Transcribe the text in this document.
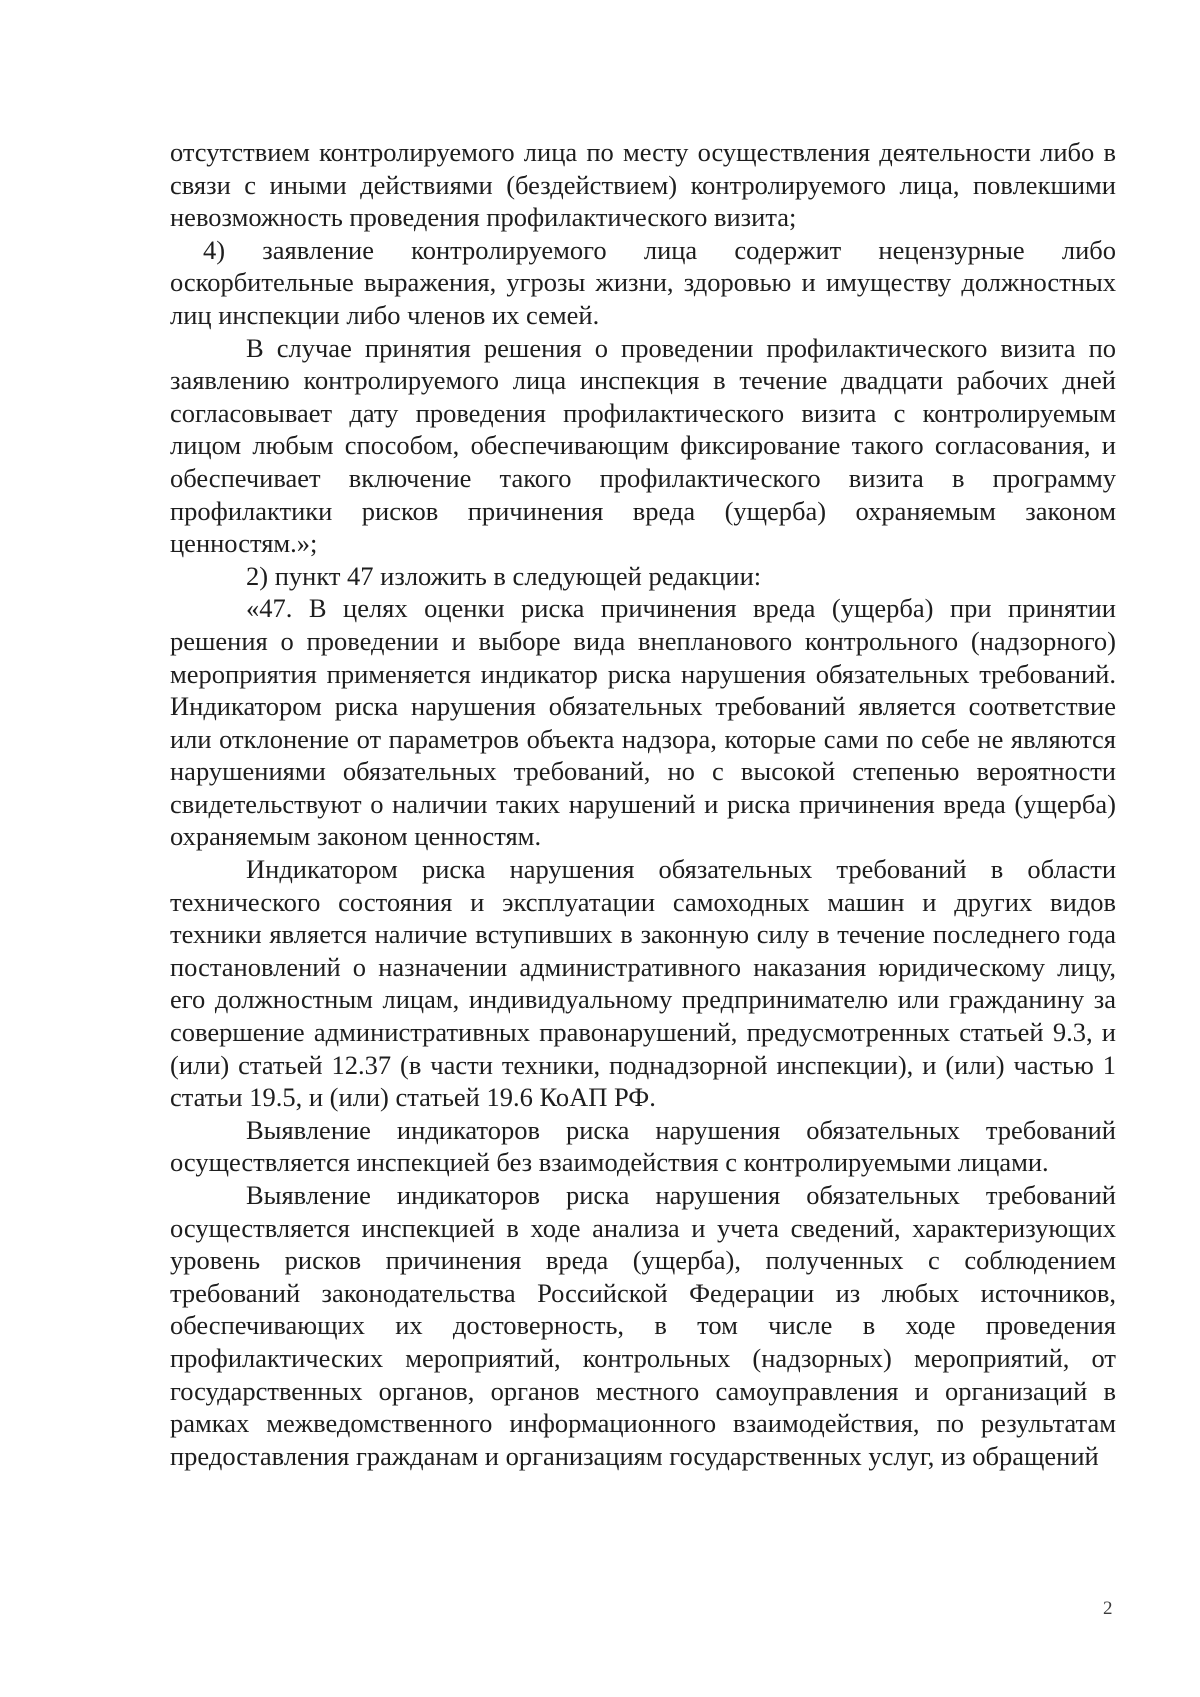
отсутствием контролируемого лица по месту осуществления деятельности либо в связи с иными действиями (бездействием) контролируемого лица, повлекшими невозможность проведения профилактического визита;

4) заявление контролируемого лица содержит нецензурные либо оскорбительные выражения, угрозы жизни, здоровью и имуществу должностных лиц инспекции либо членов их семей.

В случае принятия решения о проведении профилактического визита по заявлению контролируемого лица инспекция в течение двадцати рабочих дней согласовывает дату проведения профилактического визита с контролируемым лицом любым способом, обеспечивающим фиксирование такого согласования, и обеспечивает включение такого профилактического визита в программу профилактики рисков причинения вреда (ущерба) охраняемым законом ценностям.»;

2) пункт 47 изложить в следующей редакции:

«47. В целях оценки риска причинения вреда (ущерба) при принятии решения о проведении и выборе вида внепланового контрольного (надзорного) мероприятия применяется индикатор риска нарушения обязательных требований. Индикатором риска нарушения обязательных требований является соответствие или отклонение от параметров объекта надзора, которые сами по себе не являются нарушениями обязательных требований, но с высокой степенью вероятности свидетельствуют о наличии таких нарушений и риска причинения вреда (ущерба) охраняемым законом ценностям.

Индикатором риска нарушения обязательных требований в области технического состояния и эксплуатации самоходных машин и других видов техники является наличие вступивших в законную силу в течение последнего года постановлений о назначении административного наказания юридическому лицу, его должностным лицам, индивидуальному предпринимателю или гражданину за совершение административных правонарушений, предусмотренных статьей 9.3, и (или) статьей 12.37 (в части техники, поднадзорной инспекции), и (или) частью 1 статьи 19.5, и (или) статьей 19.6 КоАП РФ.

Выявление индикаторов риска нарушения обязательных требований осуществляется инспекцией без взаимодействия с контролируемыми лицами.

Выявление индикаторов риска нарушения обязательных требований осуществляется инспекцией в ходе анализа и учета сведений, характеризующих уровень рисков причинения вреда (ущерба), полученных с соблюдением требований законодательства Российской Федерации из любых источников, обеспечивающих их достоверность, в том числе в ходе проведения профилактических мероприятий, контрольных (надзорных) мероприятий, от государственных органов, органов местного самоуправления и организаций в рамках межведомственного информационного взаимодействия, по результатам предоставления гражданам и организациям государственных услуг, из обращений

2
